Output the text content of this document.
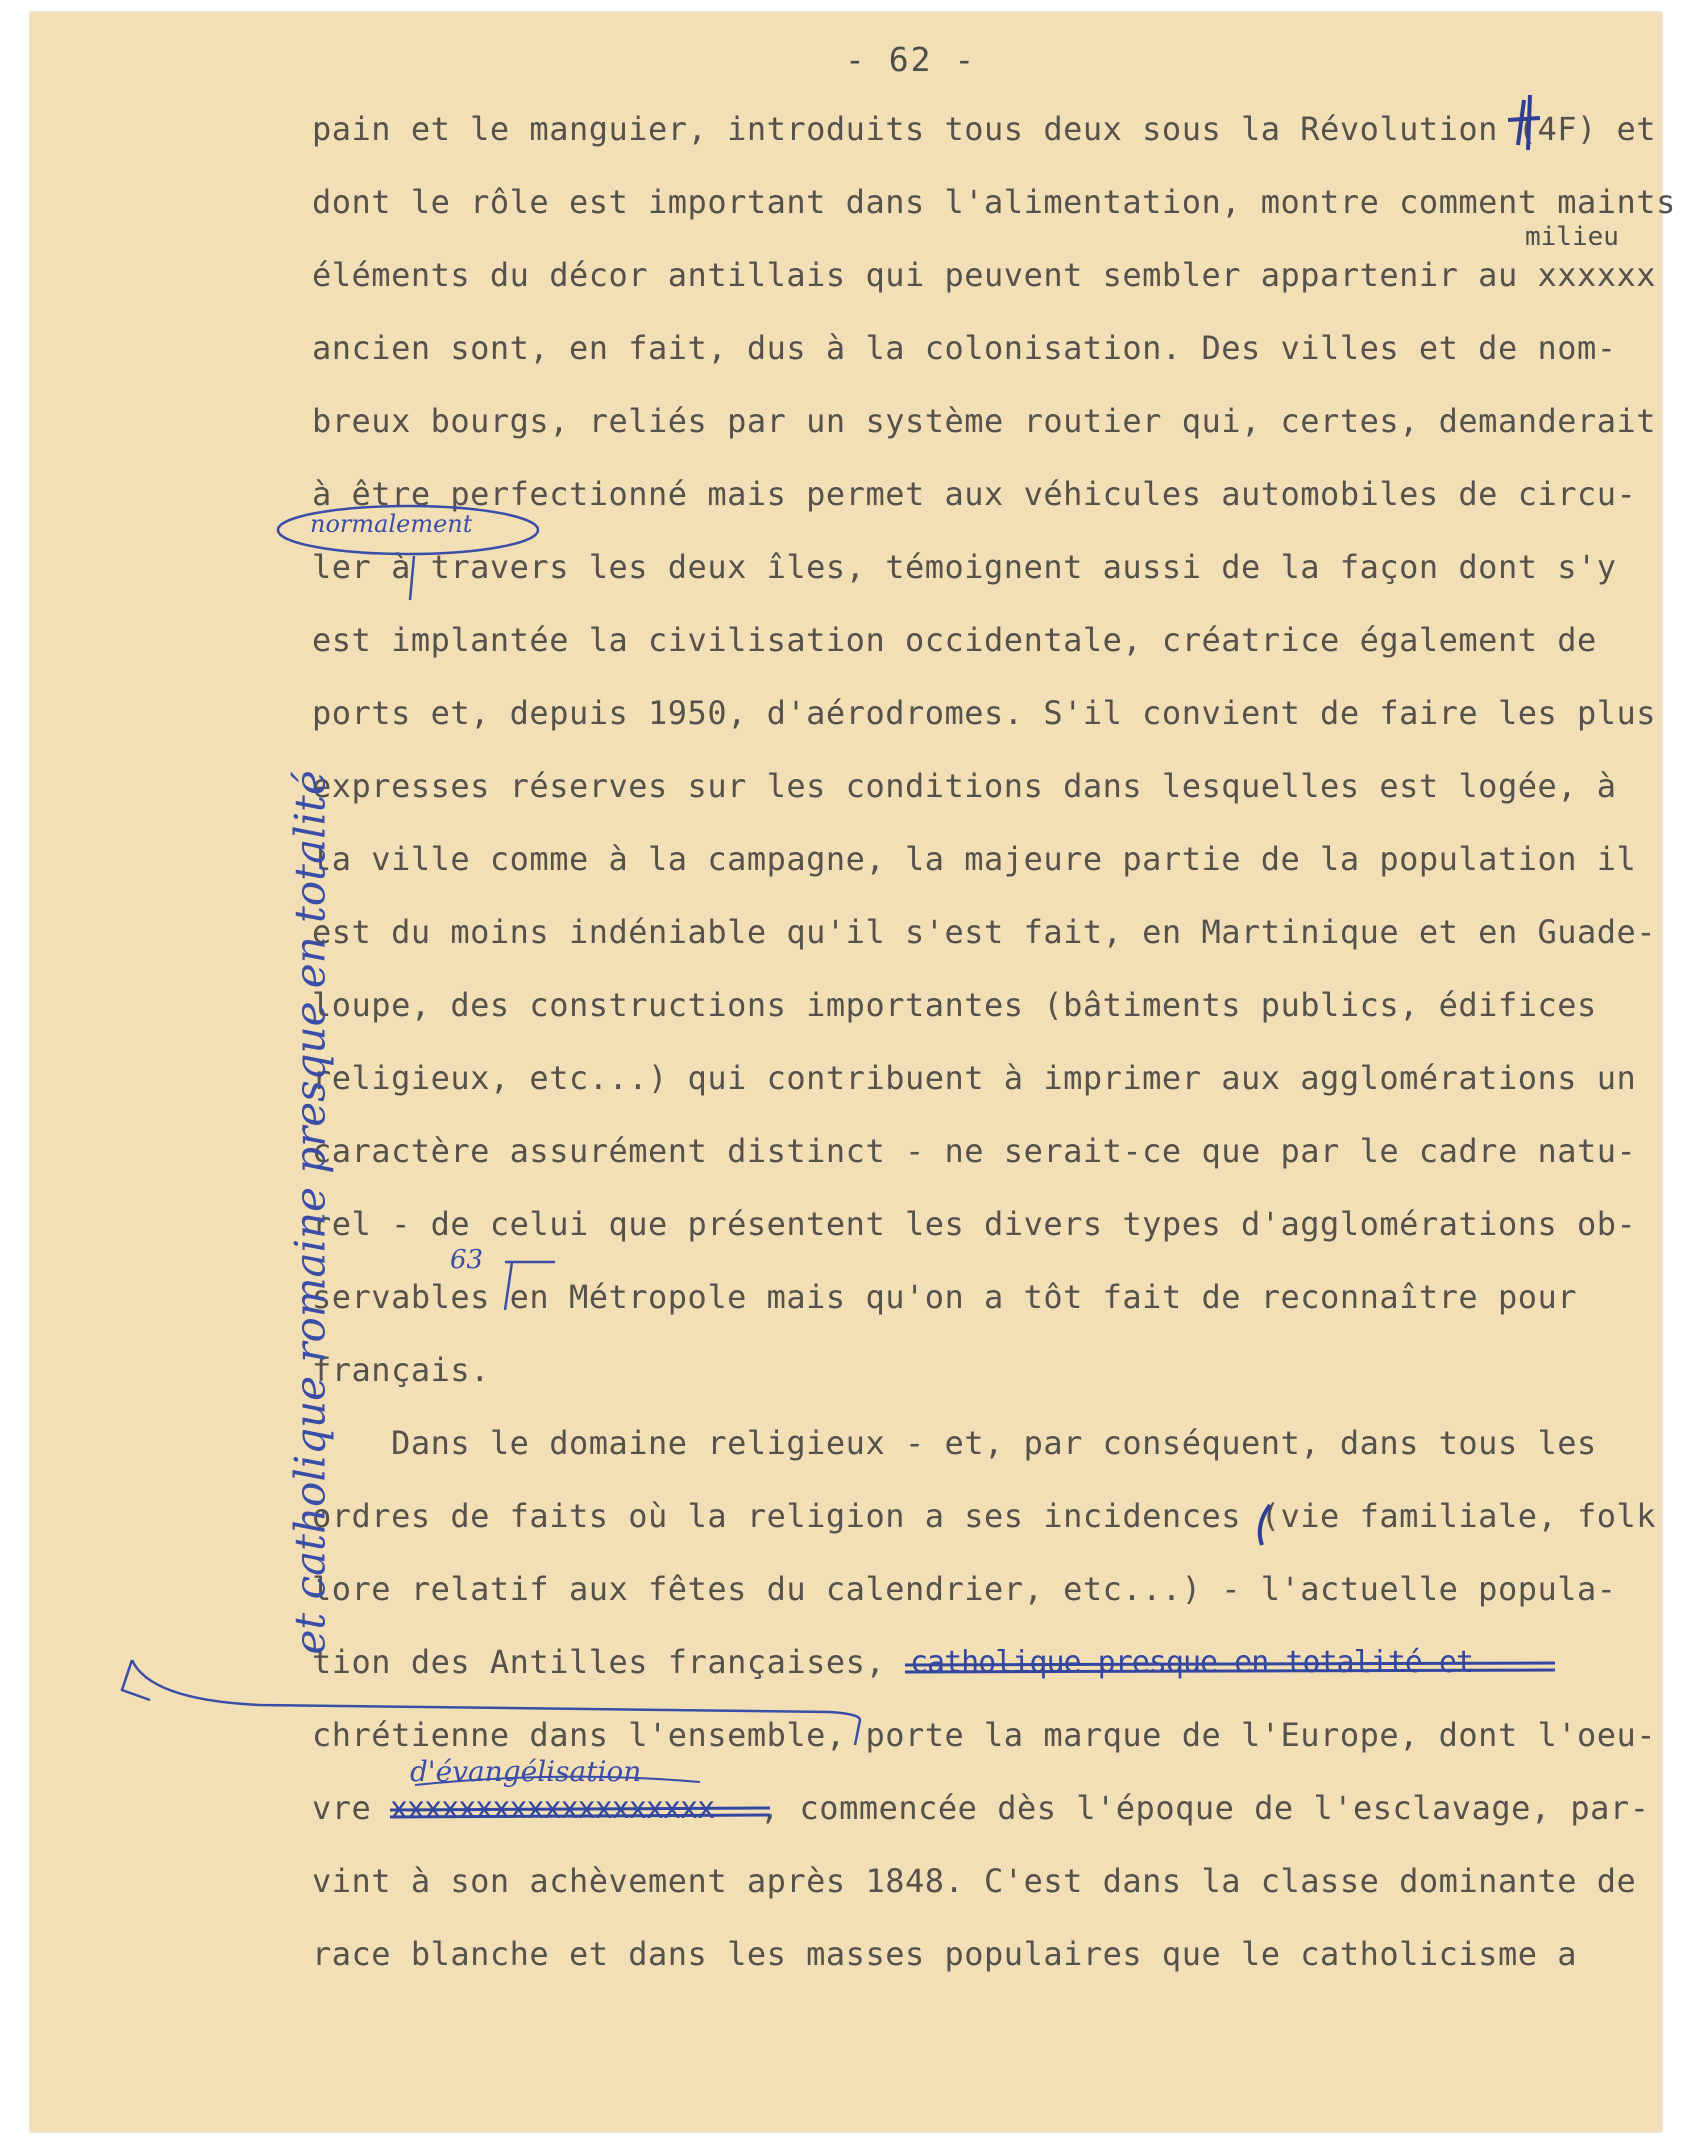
- 62 -
pain et le manguier, introduits tous deux sous la Révolution (4F) et
dont le rôle est important dans l'alimentation, montre comment maints
éléments du décor antillais qui peuvent sembler appartenir au xxxxxx
ancien sont, en fait, dus à la colonisation. Des villes et de nom-
breux bourgs, reliés par un système routier qui, certes, demanderait
à être perfectionné mais permet aux véhicules automobiles de circu-
ler à travers les deux îles, témoignent aussi de la façon dont s'y
est implantée la civilisation occidentale, créatrice également de
ports et, depuis 1950, d'aérodromes. S'il convient de faire les plus
expresses réserves sur les conditions dans lesquelles est logée, à
la ville comme à la campagne, la majeure partie de la population il
est du moins indéniable qu'il s'est fait, en Martinique et en Guade-
loupe, des constructions importantes (bâtiments publics, édifices
religieux, etc...) qui contribuent à imprimer aux agglomérations un
caractère assurément distinct - ne serait-ce que par le cadre natu-
rel - de celui que présentent les divers types d'agglomérations ob-
servables en Métropole mais qu'on a tôt fait de reconnaître pour
français.
Dans le domaine religieux - et, par conséquent, dans tous les
ordres de faits où la religion a ses incidences (vie familiale, folk
lore relatif aux fêtes du calendrier, etc...) - l'actuelle popula-
tion des Antilles françaises,
chrétienne dans l'ensemble, porte la marque de l'Europe, dont l'oeu-
vre	, commencée dès l'époque de l'esclavage, par-
vint à son achèvement après 1848. C'est dans la classe dominante de
race blanche et dans les masses populaires que le catholicisme a
milieu
normalement
63
d'évangélisation
catholique presque en totalité et
xxxxxxxxxxxxxxxxxxx
et catholique romaine presque en totalité
